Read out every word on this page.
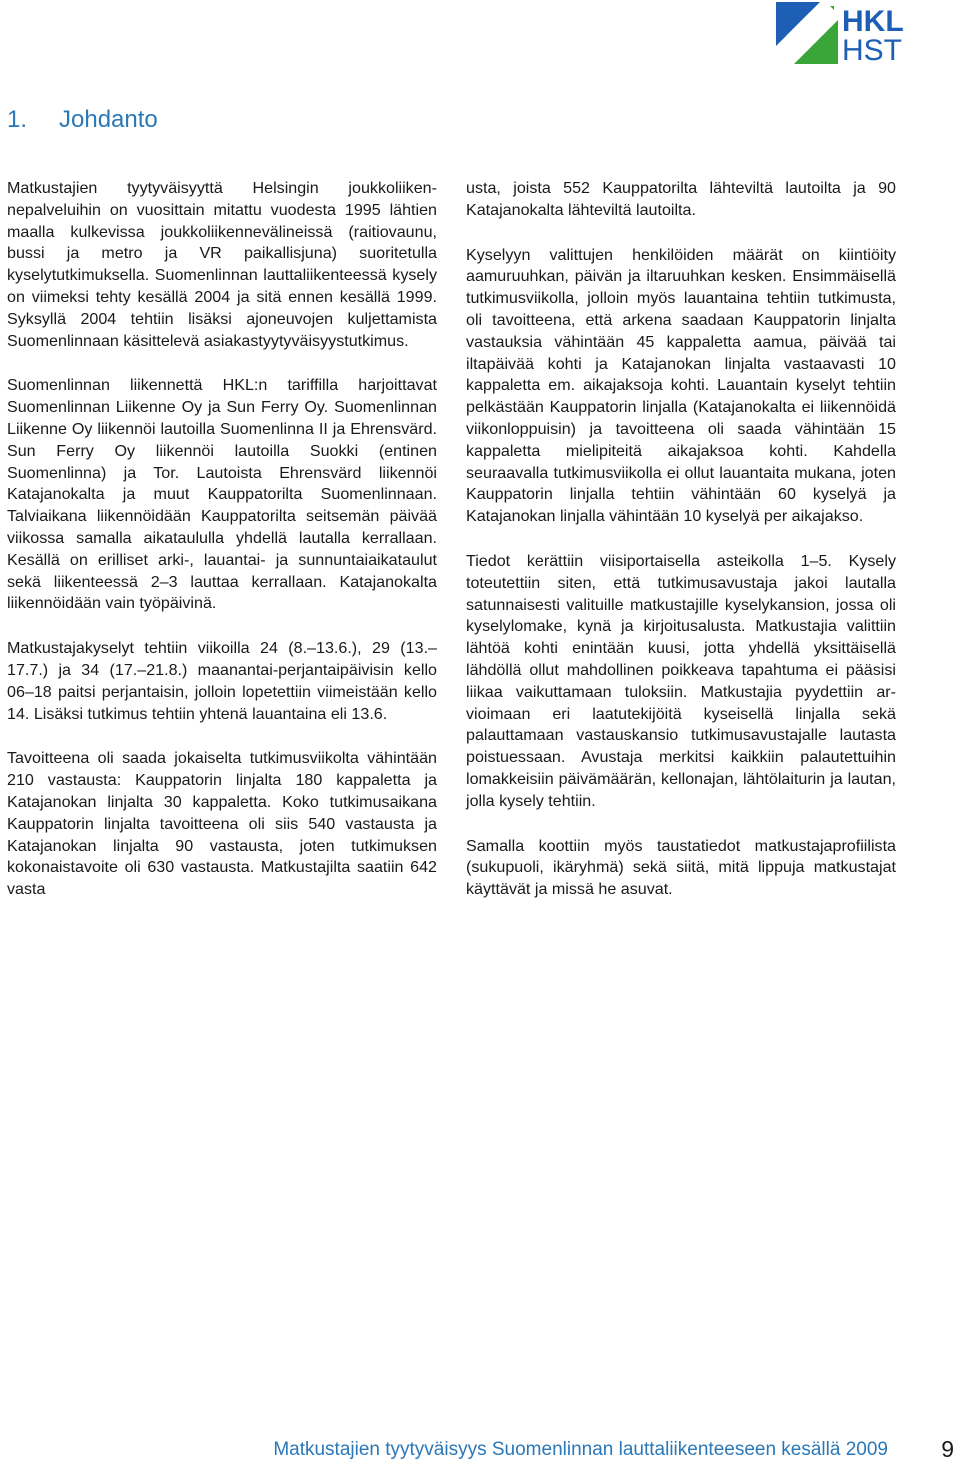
HKL
HST
1. Johdanto

Matkustajien tyytyväisyyttä Helsingin joukkoliikennepalveluihin on vuosittain mitattu vuodesta 1995 lähtien maalla kulkevissa joukkoliikennevälineissä (raitiovaunu, bussi ja metro ja VR paikallisjuna) suoritetulla kyselytutkimuksella. Suomenlinnan lauttaliikenteessä kysely on viimeksi tehty kesällä 2004 ja sitä ennen kesällä 1999. Syksyllä 2004 tehtiin lisäksi ajoneuvojen kuljettamista Suomenlinnaan käsittelevä asiakastyytyväisyystutkimus.

Suomenlinnan liikennettä HKL:n tariffilla harjoittavat Suomenlinnan Liikenne Oy ja Sun Ferry Oy. Suomenlinnan Liikenne Oy liikennöi lautoilla Suomenlinna II ja Ehrensvärd. Sun Ferry Oy liikennöi lautoilla Suokki (entinen Suomenlinna) ja Tor. Lautoista Ehrensvärd liikennöi Katajanokalta ja muut Kauppatorilta Suomenlinnaan. Talviaikana liikennöidään Kauppatorilta seitsemän päivää viikossa samalla aikataululla yhdellä lautalla kerrallaan. Kesällä on erilliset arki-, lauantai- ja sunnuntaiaikataulut sekä liikenteessä 2–3 lauttaa kerrallaan. Katajanokalta liikennöidään vain työpäivinä.

Matkustajakyselyt tehtiin viikoilla 24 (8.–13.6.), 29 (13.–17.7.) ja 34 (17.–21.8.) maanantai-perjantaipäivisin kello 06–18 paitsi perjantaisin, jolloin lopetettiin viimeistään kello 14. Lisäksi tutkimus tehtiin yhtenä lauantaina eli 13.6.

Tavoitteena oli saada jokaiselta tutkimusviikolta vähintään 210 vastausta: Kauppatorin linjalta 180 kappaletta ja Katajanokan linjalta 30 kappaletta. Koko tutkimusaikana Kauppatorin linjalta tavoitteena oli siis 540 vastausta ja Katajanokan linjalta 90 vastausta, joten tutkimuksen kokonaistavoite oli 630 vastausta. Matkustajilta saatiin 642 vasta

usta, joista 552 Kauppatorilta lähteviltä lautoilta ja 90 Katajanokalta lähteviltä lautoilta.

Kyselyyn valittujen henkilöiden määrät on kiintiöity aamuruuhkan, päivän ja iltaruuhkan kesken. Ensimmäisellä tutkimusviikolla, jolloin myös lauantaina tehtiin tutkimusta, oli tavoitteena, että arkena saadaan Kauppatorin linjalta vastauksia vähintään 45 kappaletta aamua, päivää tai iltapäivää kohti ja Katajanokan linjalta vastaavasti 10 kappaletta em. aikajaksoja kohti. Lauantain kyselyt tehtiin pelkästään Kauppatorin linjalla (Katajanokalta ei liikennöidä viikonloppuisin) ja tavoitteena oli saada vähintään 15 kappaletta mielipiteitä aikajaksoa kohti. Kahdella seuraavalla tutkimusviikolla ei ollut lauantaita mukana, joten Kauppatorin linjalla tehtiin vähintään 60 kyselyä ja Katajanokan linjalla vähintään 10 kyselyä per aikajakso.

Tiedot kerättiin viisiportaisella asteikolla 1–5. Kysely toteutettiin siten, että tutkimusavustaja jakoi lautalla satunnaisesti valituille matkustajille kyselykansion, jossa oli kyselylomake, kynä ja kirjoitusalusta. Matkustajia valittiin lähtöä kohti enintään kuusi, jotta yhdellä yksittäisellä lähdöllä ollut mahdollinen poikkeava tapahtuma ei pääsisi liikaa vaikuttamaan tuloksiin. Matkustajia pyydettiin arvioimaan eri laatutekijöitä kyseisellä linjalla sekä palauttamaan vastauskansio tutkimusavustajalle lautasta poistuessaan. Avustaja merkitsi kaikkiin palautettuihin lomakkeisiin päivämäärän, kellonajan, lähtölaiturin ja lautan, jolla kysely tehtiin.

Samalla koottiin myös taustatiedot matkustajaprofiilista (sukupuoli, ikäryhmä) sekä siitä, mitä lippuja matkustajat käyttävät ja missä he asuvat.

Matkustajien tyytyväisyys Suomenlinnan lauttaliikenteeseen kesällä 2009 9
